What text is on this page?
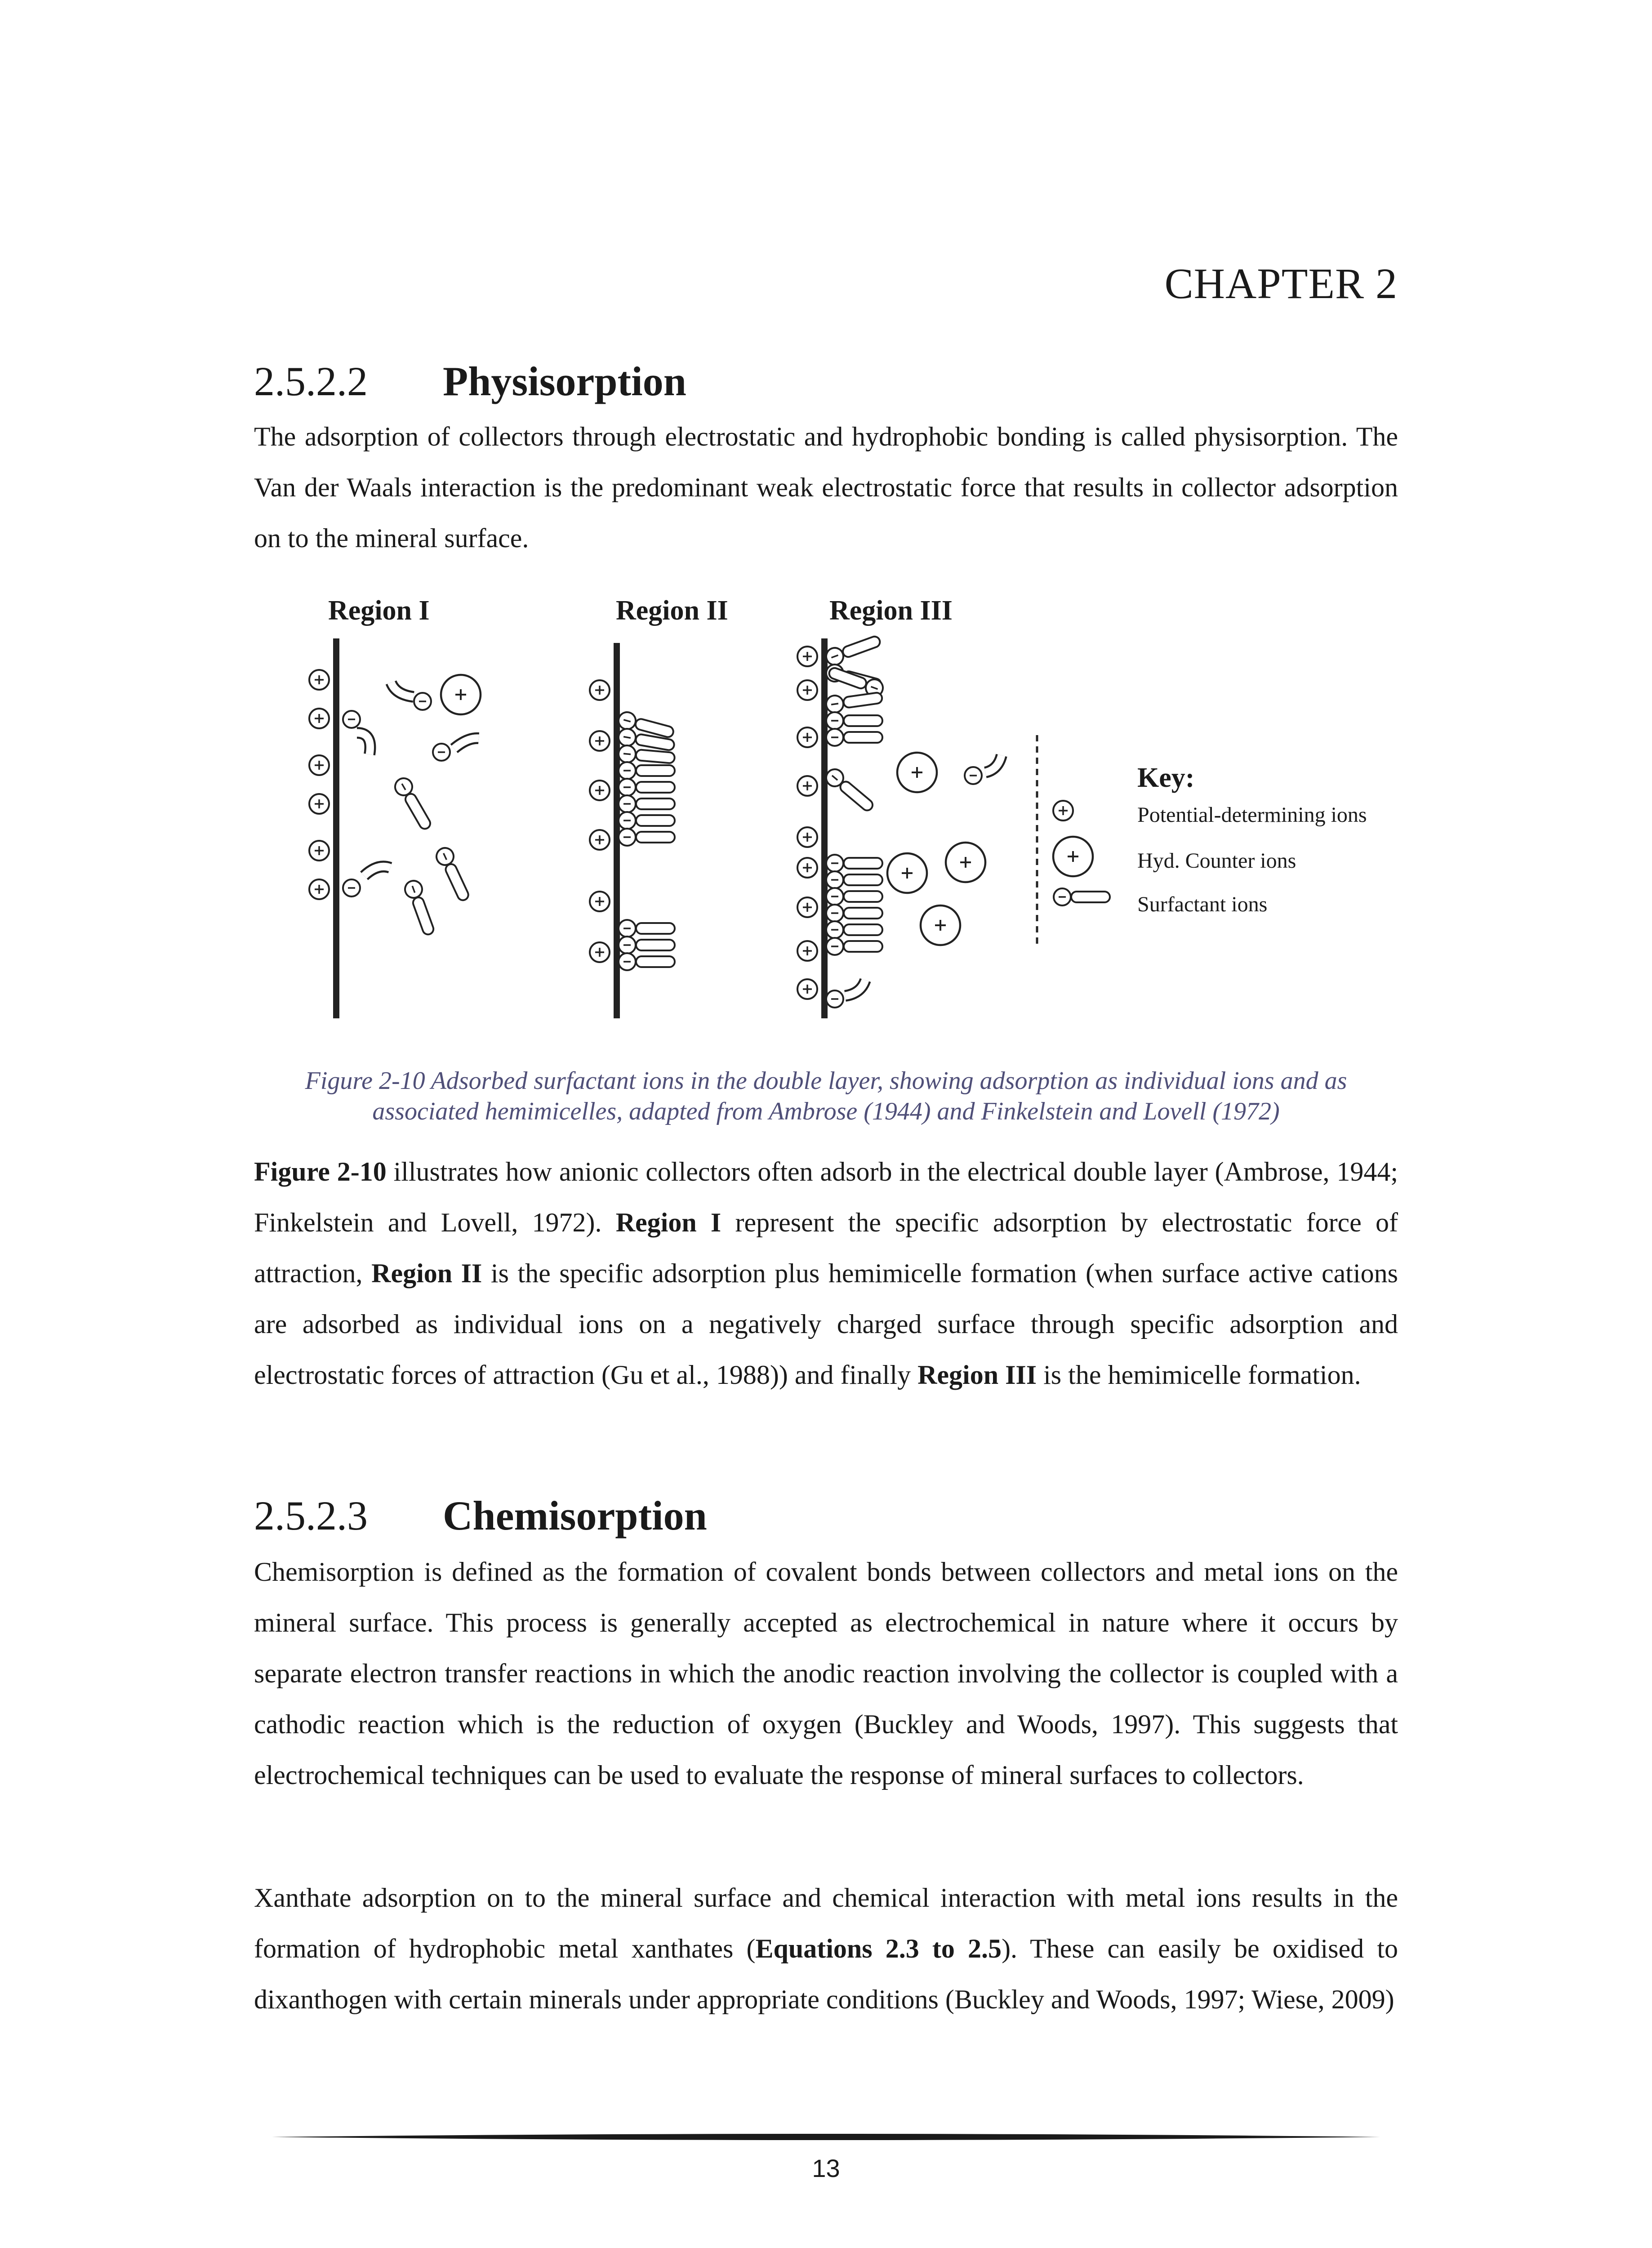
CHAPTER 2
2.5.2.2 Physisorption

The adsorption of collectors through electrostatic and hydrophobic bonding is called physisorption. The Van der Waals interaction is the predominant weak electrostatic force that results in collector adsorption on to the mineral surface.

Region I	Region II	Region III
Key:
Potential-determining ions
Hyd. Counter ions
Surfactant ions

Figure 2-10 Adsorbed surfactant ions in the double layer, showing adsorption as individual ions and as associated hemimicelles, adapted from Ambrose (1944) and Finkelstein and Lovell (1972)

Figure 2-10 illustrates how anionic collectors often adsorb in the electrical double layer (Ambrose, 1944; Finkelstein and Lovell, 1972). Region I represent the specific adsorption by electrostatic force of attraction, Region II is the specific adsorption plus hemimicelle formation (when surface active cations are adsorbed as individual ions on a negatively charged surface through specific adsorption and electrostatic forces of attraction (Gu et al., 1988)) and finally Region III is the hemimicelle formation.

2.5.2.3 Chemisorption

Chemisorption is defined as the formation of covalent bonds between collectors and metal ions on the mineral surface. This process is generally accepted as electrochemical in nature where it occurs by separate electron transfer reactions in which the anodic reaction involving the collector is coupled with a cathodic reaction which is the reduction of oxygen (Buckley and Woods, 1997). This suggests that electrochemical techniques can be used to evaluate the response of mineral surfaces to collectors.

Xanthate adsorption on to the mineral surface and chemical interaction with metal ions results in the formation of hydrophobic metal xanthates (Equations 2.3 to 2.5). These can easily be oxidised to dixanthogen with certain minerals under appropriate conditions (Buckley and Woods, 1997; Wiese, 2009)

13
